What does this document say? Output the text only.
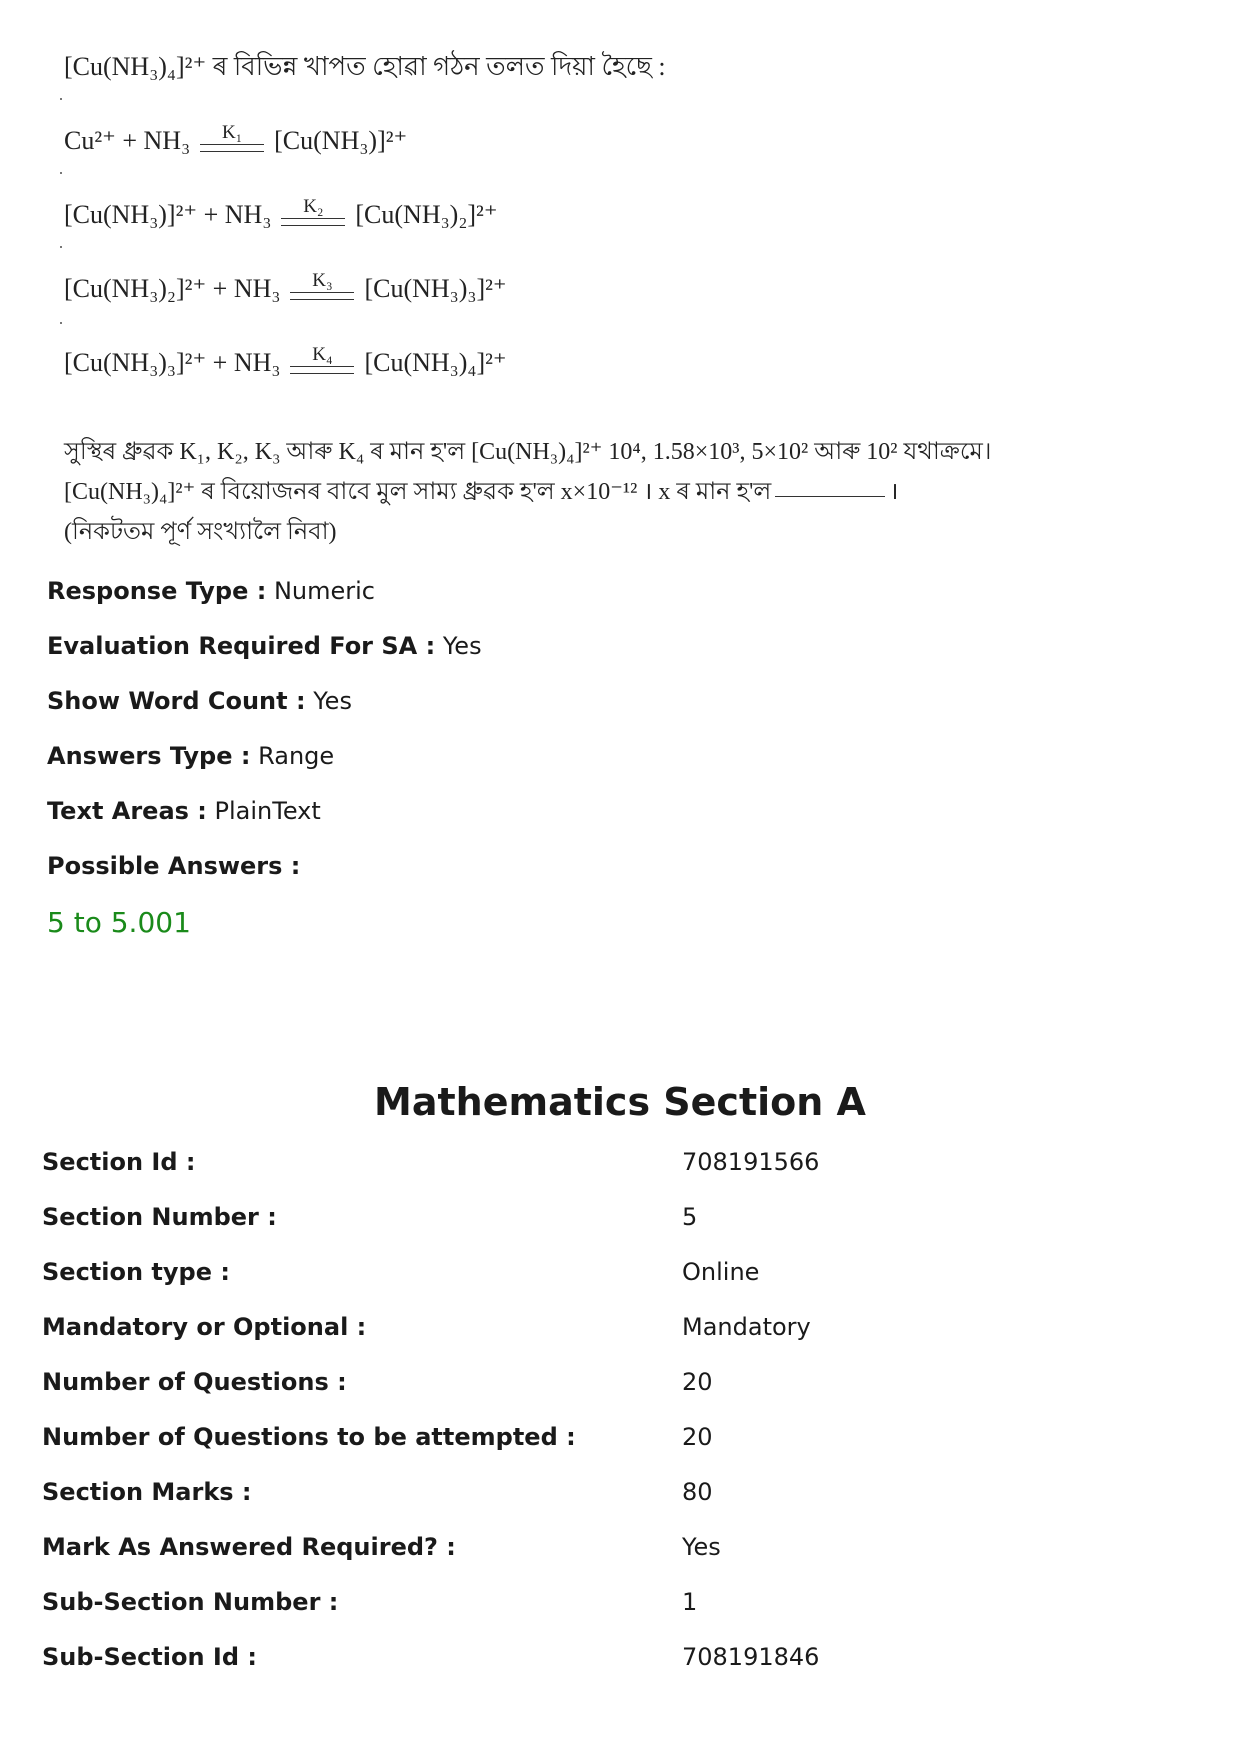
[Cu(NH₃)₄]²⁺ ৰ বিভিন্ন খাপত হোৱা গঠন তলত দিয়া হৈছে :
Cu²⁺ + NH₃ K₁ [Cu(NH₃)]²⁺
[Cu(NH₃)]²⁺ + NH₃ K₂ [Cu(NH₃)₂]²⁺
[Cu(NH₃)₂]²⁺ + NH₃ K₃ [Cu(NH₃)₃]²⁺
[Cu(NH₃)₃]²⁺ + NH₃ K₄ [Cu(NH₃)₄]²⁺
সুস্থিৰ ধ্ৰুৱক K₁, K₂, K₃ আৰু K₄ ৰ মান হ'ল [Cu(NH₃)₄]²⁺ 10⁴, 1.58×10³, 5×10² আৰু 10² যথাক্ৰমে।
[Cu(NH₃)₄]²⁺ ৰ বিয়োজনৰ বাবে মুল সাম্য ধ্ৰুৱক হ'ল x×10⁻¹² । x ৰ মান হ'ল	।
(নিকটতম পূৰ্ণ সংখ্যালৈ নিবা)
Response Type : Numeric
Evaluation Required For SA : Yes
Show Word Count : Yes
Answers Type : Range
Text Areas : PlainText
Possible Answers :
5 to 5.001
Mathematics Section A
Section Id :	708191566
Section Number :	5
Section type :	Online
Mandatory or Optional :	Mandatory
Number of Questions :	20
Number of Questions to be attempted :	20
Section Marks :	80
Mark As Answered Required? :	Yes
Sub-Section Number :	1
Sub-Section Id :	708191846
